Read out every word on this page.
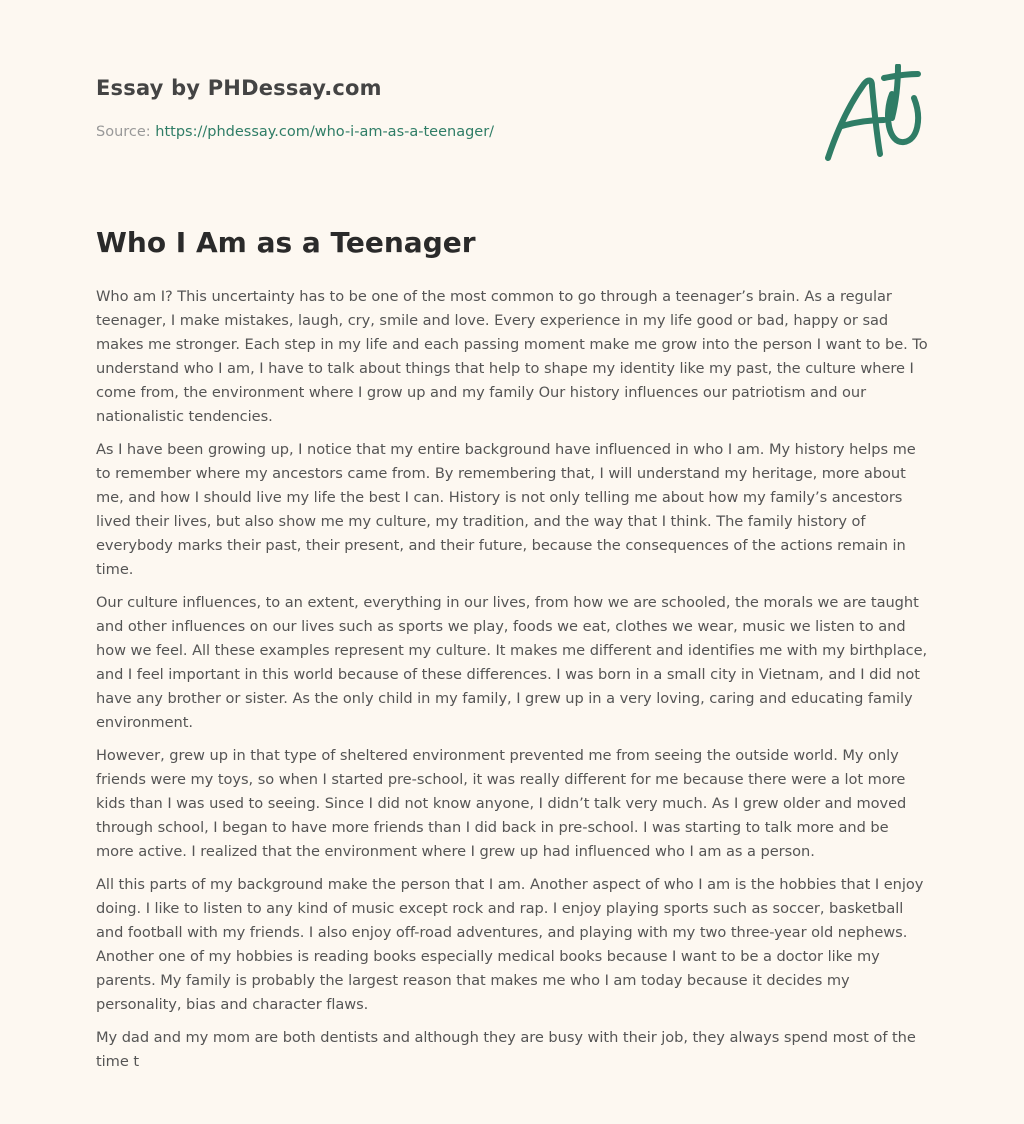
Essay by PHDessay.com
Source: https://phdessay.com/who-i-am-as-a-teenager/
Who I Am as a Teenager

Who am I? This uncertainty has to be one of the most common to go through a teenager’s brain. As a regular teenager, I make mistakes, laugh, cry, smile and love. Every experience in my life good or bad, happy or sad makes me stronger. Each step in my life and each passing moment make me grow into the person I want to be. To understand who I am, I have to talk about things that help to shape my identity like my past, the culture where I come from, the environment where I grow up and my family Our history influences our patriotism and our nationalistic tendencies.

As I have been growing up, I notice that my entire background have influenced in who I am. My history helps me to remember where my ancestors came from. By remembering that, I will understand my heritage, more about me, and how I should live my life the best I can. History is not only telling me about how my family’s ancestors lived their lives, but also show me my culture, my tradition, and the way that I think. The family history of everybody marks their past, their present, and their future, because the consequences of the actions remain in time.

Our culture influences, to an extent, everything in our lives, from how we are schooled, the morals we are taught and other influences on our lives such as sports we play, foods we eat, clothes we wear, music we listen to and how we feel. All these examples represent my culture. It makes me different and identifies me with my birthplace, and I feel important in this world because of these differences. I was born in a small city in Vietnam, and I did not have any brother or sister. As the only child in my family, I grew up in a very loving, caring and educating family environment.

However, grew up in that type of sheltered environment prevented me from seeing the outside world. My only friends were my toys, so when I started pre-school, it was really different for me because there were a lot more kids than I was used to seeing. Since I did not know anyone, I didn’t talk very much. As I grew older and moved through school, I began to have more friends than I did back in pre-school. I was starting to talk more and be more active. I realized that the environment where I grew up had influenced who I am as a person.

All this parts of my background make the person that I am. Another aspect of who I am is the hobbies that I enjoy doing. I like to listen to any kind of music except rock and rap. I enjoy playing sports such as soccer, basketball and football with my friends. I also enjoy off-road adventures, and playing with my two three-year old nephews. Another one of my hobbies is reading books especially medical books because I want to be a doctor like my parents. My family is probably the largest reason that makes me who I am today because it decides my personality, bias and character flaws.

My dad and my mom are both dentists and although they are busy with their job, they always spend most of the time t
